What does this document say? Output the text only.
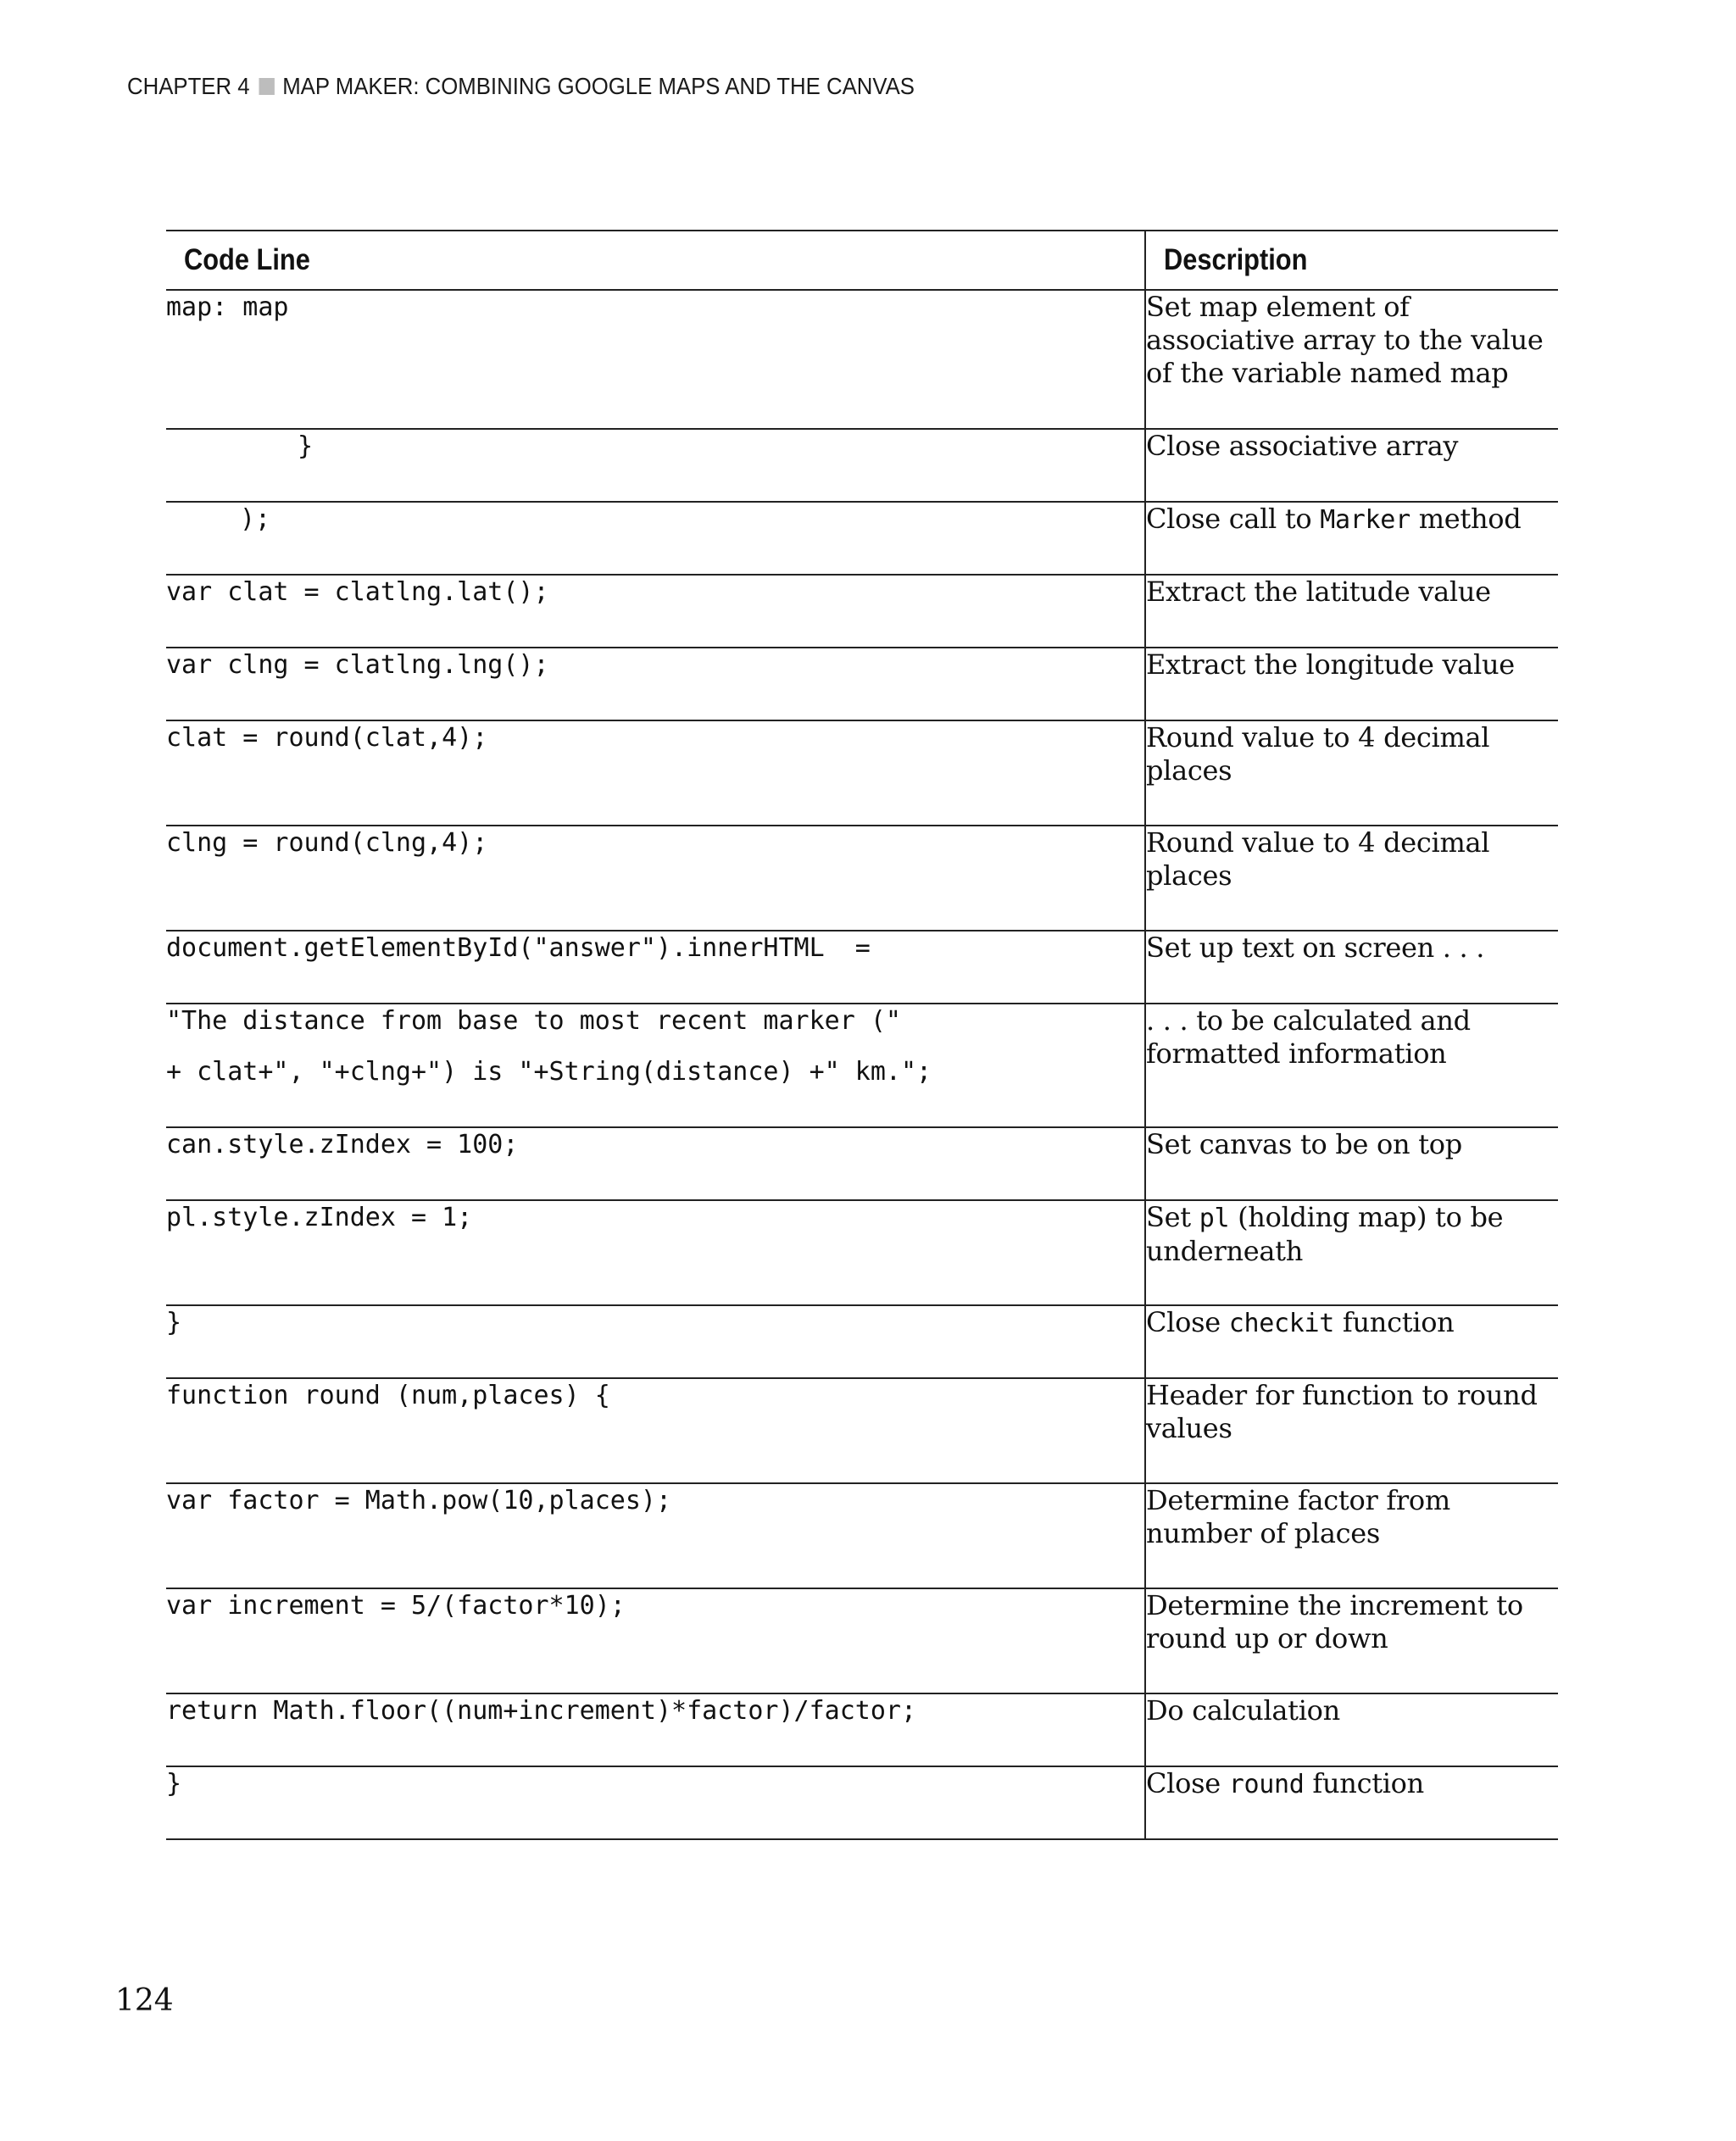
CHAPTER 4 MAP MAKER: COMBINING GOOGLE MAPS AND THE CANVAS
Code Line	Description
map: map	Set map element of associative array to the value of the variable named map
}	Close associative array
);	Close call to Marker method
var clat = clatlng.lat();	Extract the latitude value
var clng = clatlng.lng();	Extract the longitude value
clat = round(clat,4);	Round value to 4 decimal places
clng = round(clng,4);	Round value to 4 decimal places
document.getElementById("answer").innerHTML  =	Set up text on screen . . .

"The distance from base to most recent marker ("
+ clat+", "+clng+") is "+String(distance) +" km.";	. . . to be calculated and formatted information
can.style.zIndex = 100;	Set canvas to be on top
pl.style.zIndex = 1;	Set pl (holding map) to be underneath
}	Close checkit function
function round (num,places) {	Header for function to round values
var factor = Math.pow(10,places);	Determine factor from number of places
var increment = 5/(factor*10);	Determine the increment to round up or down
return Math.floor((num+increment)*factor)/factor;	Do calculation
}	Close round function
124
